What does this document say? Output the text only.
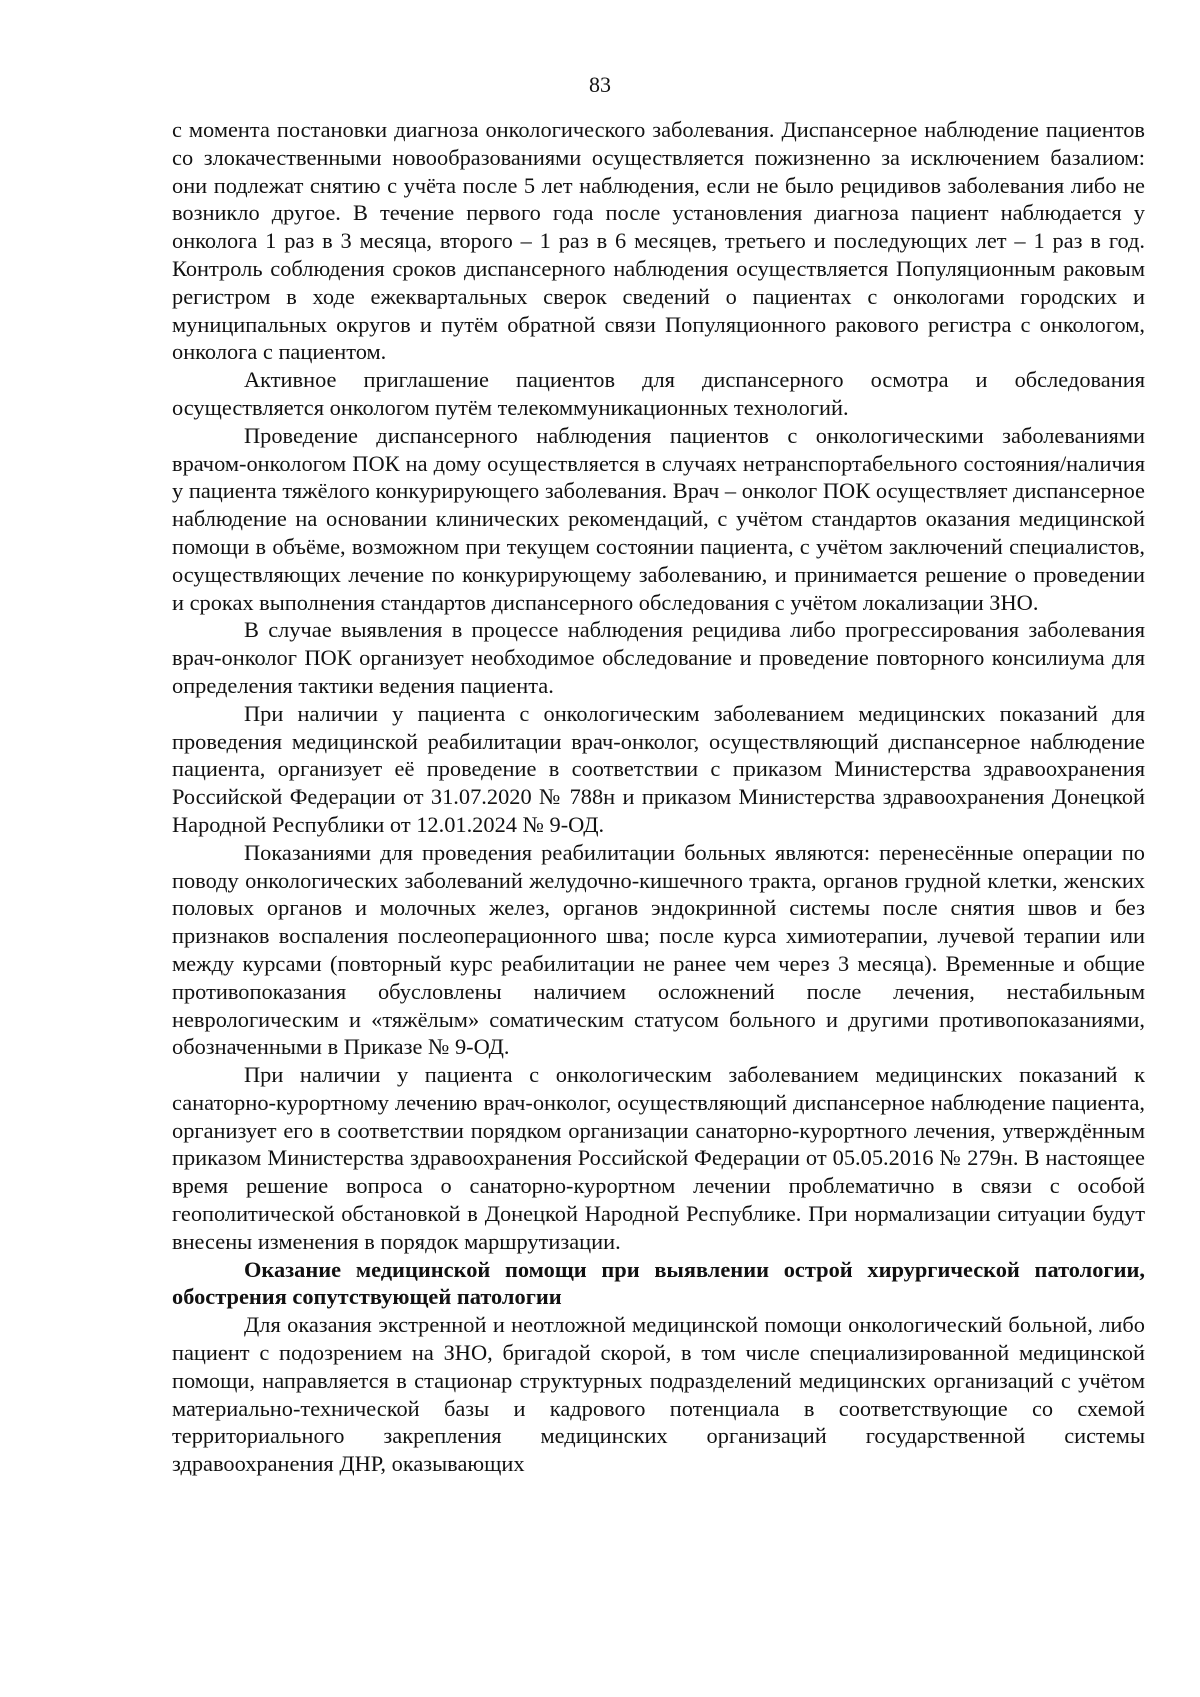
83

с момента постановки диагноза онкологического заболевания. Диспансерное наблюдение пациентов со злокачественными новообразованиями осуществляется пожизненно за исключением базалиом: они подлежат снятию с учёта после 5 лет наблюдения, если не было рецидивов заболевания либо не возникло другое. В течение первого года после установления диагноза пациент наблюдается у онколога 1 раз в 3 месяца, второго – 1 раз в 6 месяцев, третьего и последующих лет – 1 раз в год. Контроль соблюдения сроков диспансерного наблюдения осуществляется Популяционным раковым регистром в ходе ежеквартальных сверок сведений о пациентах с онкологами городских и муниципальных округов и путём обратной связи Популяционного ракового регистра с онкологом, онколога с пациентом.

Активное приглашение пациентов для диспансерного осмотра и обследования осуществляется онкологом путём телекоммуникационных технологий.

Проведение диспансерного наблюдения пациентов с онкологическими заболеваниями врачом-онкологом ПОК на дому осуществляется в случаях нетранспортабельного состояния/наличия у пациента тяжёлого конкурирующего заболевания. Врач – онколог ПОК осуществляет диспансерное наблюдение на основании клинических рекомендаций, с учётом стандартов оказания медицинской помощи в объёме, возможном при текущем состоянии пациента, с учётом заключений специалистов, осуществляющих лечение по конкурирующему заболеванию, и принимается решение о проведении и сроках выполнения стандартов диспансерного обследования с учётом локализации ЗНО.

В случае выявления в процессе наблюдения рецидива либо прогрессирования заболевания врач-онколог ПОК организует необходимое обследование и проведение повторного консилиума для определения тактики ведения пациента.

При наличии у пациента с онкологическим заболеванием медицинских показаний для проведения медицинской реабилитации врач-онколог, осуществляющий диспансерное наблюдение пациента, организует её проведение в соответствии с приказом Министерства здравоохранения Российской Федерации от 31.07.2020 № 788н и приказом Министерства здравоохранения Донецкой Народной Республики от 12.01.2024 № 9-ОД.

Показаниями для проведения реабилитации больных являются: перенесённые операции по поводу онкологических заболеваний желудочно-кишечного тракта, органов грудной клетки, женских половых органов и молочных желез, органов эндокринной системы после снятия швов и без признаков воспаления послеоперационного шва; после курса химиотерапии, лучевой терапии или между курсами (повторный курс реабилитации не ранее чем через 3 месяца). Временные и общие противопоказания обусловлены наличием осложнений после лечения, нестабильным неврологическим и «тяжёлым» соматическим статусом больного и другими противопоказаниями, обозначенными в Приказе № 9-ОД.

При наличии у пациента с онкологическим заболеванием медицинских показаний к санаторно-курортному лечению врач-онколог, осуществляющий диспансерное наблюдение пациента, организует его в соответствии порядком организации санаторно-курортного лечения, утверждённым приказом Министерства здравоохранения Российской Федерации от 05.05.2016 № 279н. В настоящее время решение вопроса о санаторно-курортном лечении проблематично в связи с особой геополитической обстановкой в Донецкой Народной Республике. При нормализации ситуации будут внесены изменения в порядок маршрутизации.

Оказание медицинской помощи при выявлении острой хирургической патологии, обострения сопутствующей патологии

Для оказания экстренной и неотложной медицинской помощи онкологический больной, либо пациент с подозрением на ЗНО, бригадой скорой, в том числе специализированной медицинской помощи, направляется в стационар структурных подразделений медицинских организаций с учётом материально-технической базы и кадрового потенциала в соответствующие со схемой территориального закрепления медицинских организаций государственной системы здравоохранения ДНР, оказывающих
